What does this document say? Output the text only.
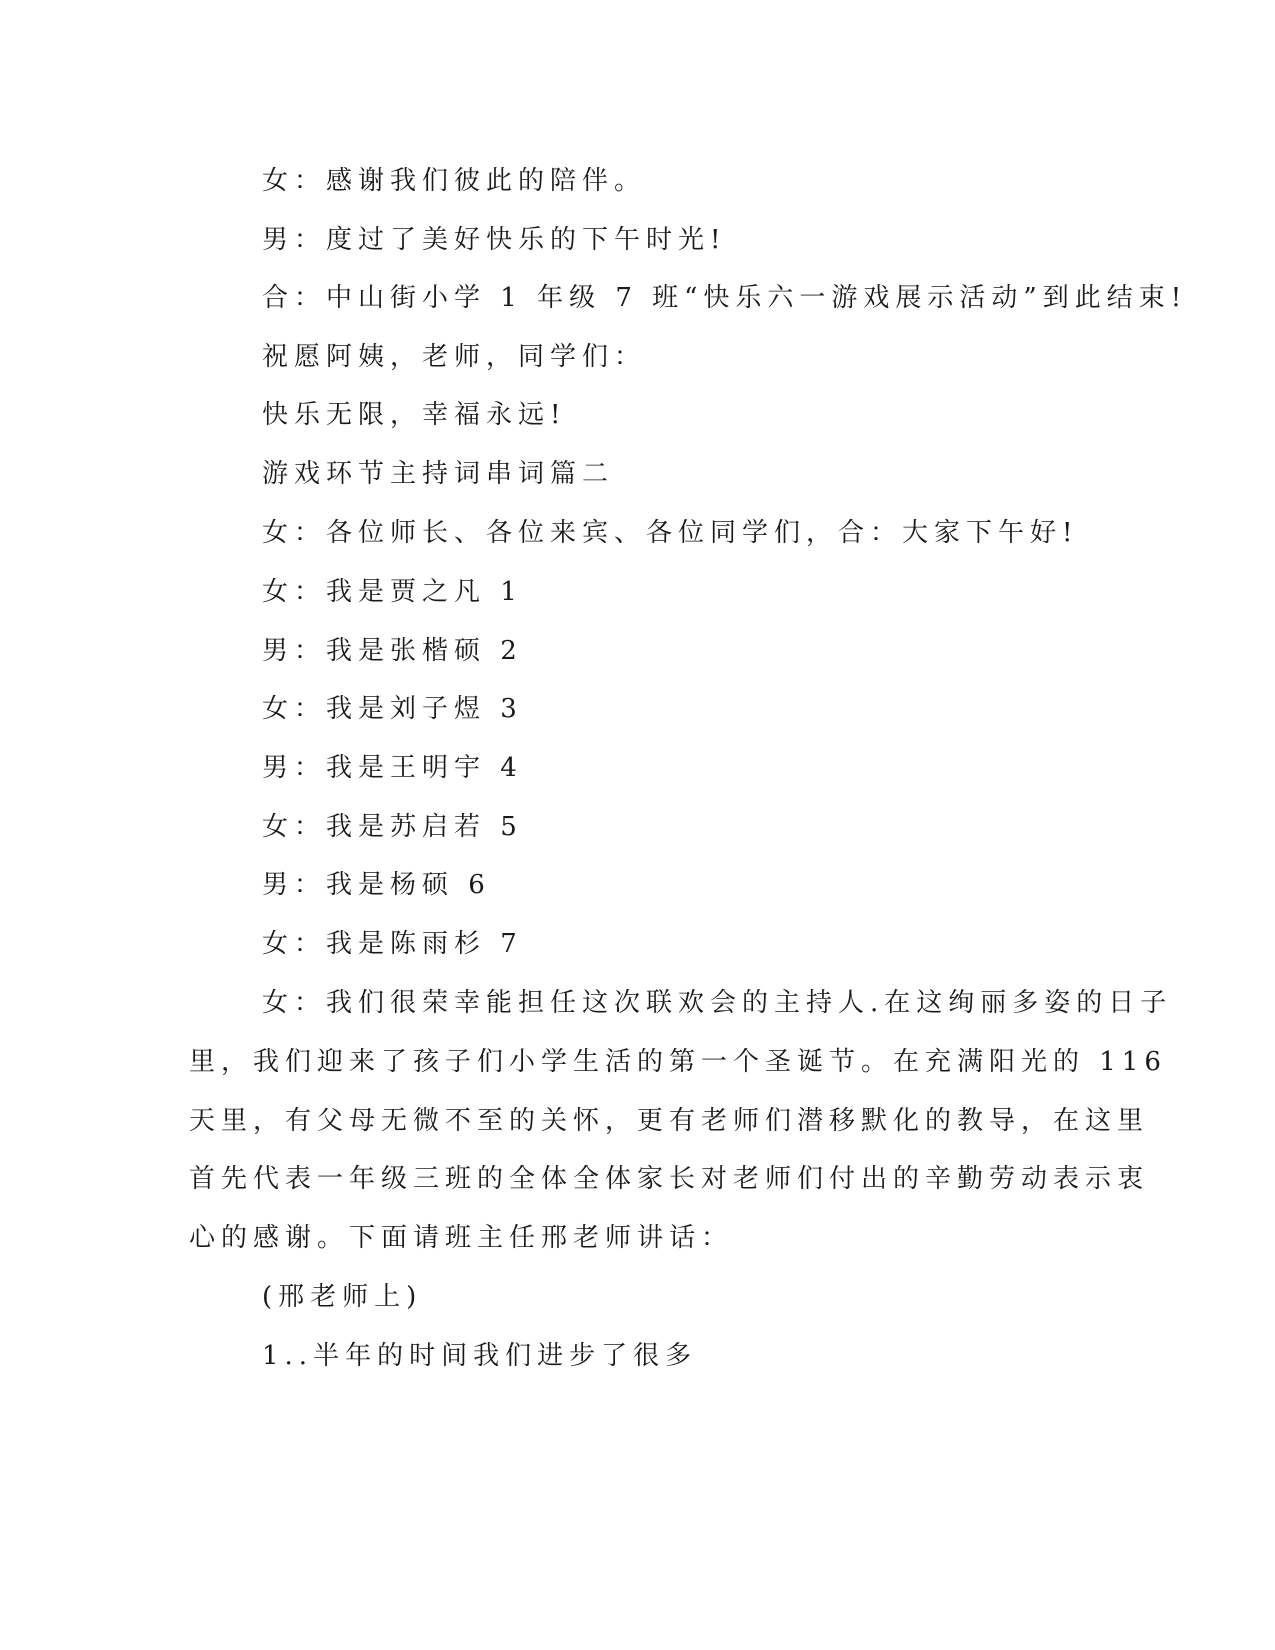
女：感谢我们彼此的陪伴。
男：度过了美好快乐的下午时光!
合：中山街小学 1 年级 7 班“快乐六一游戏展示活动”到此结束!
祝愿阿姨，老师，同学们：
快乐无限，幸福永远!
游戏环节主持词串词篇二
女：各位师长、各位来宾、各位同学们，合：大家下午好!
女：我是贾之凡 1
男：我是张楷硕 2
女：我是刘子煜 3
男：我是王明宇 4
女：我是苏启若 5
男：我是杨硕 6
女：我是陈雨杉 7
女：我们很荣幸能担任这次联欢会的主持人.在这绚丽多姿的日子
里，我们迎来了孩子们小学生活的第一个圣诞节。在充满阳光的 116
天里，有父母无微不至的关怀，更有老师们潜移默化的教导，在这里
首先代表一年级三班的全体全体家长对老师们付出的辛勤劳动表示衷
心的感谢。下面请班主任邢老师讲话：
(邢老师上)
1..半年的时间我们进步了很多
